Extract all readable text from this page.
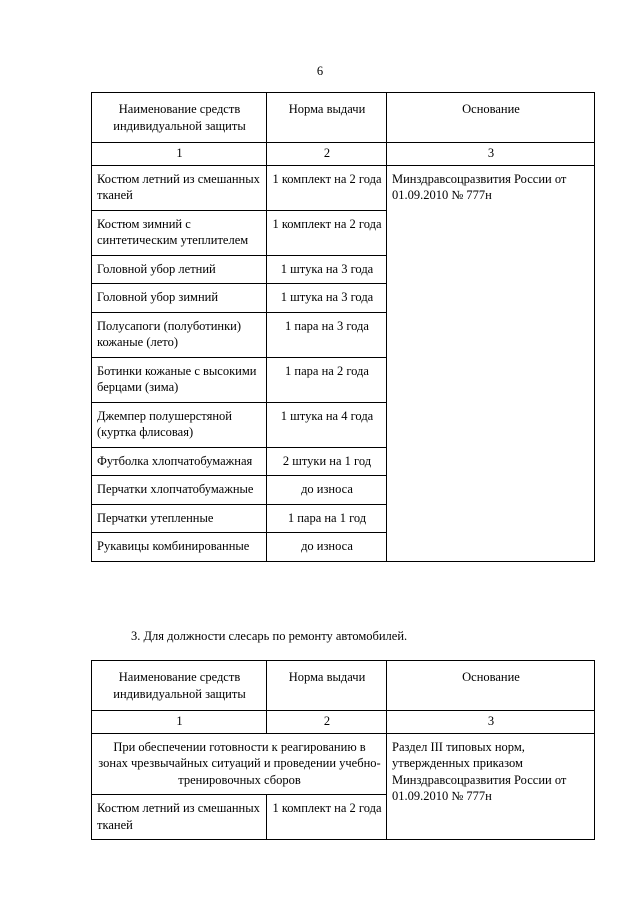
6
Наименование средств индивидуальной защиты	Норма выдачи	Основание
1	2	3
Костюм летний из смешанных тканей	1 комплект на 2 года	Минздравсоцразвития России от 01.09.2010 № 777н
Костюм зимний с синтетическим утеплителем	1 комплект на 2 года	
Головной убор летний	1 штука на 3 года	
Головной убор зимний	1 штука на 3 года	
Полусапоги (полуботинки) кожаные (лето)	1 пара на 3 года	
Ботинки кожаные с высокими берцами (зима)	1 пара на 2 года	
Джемпер полушерстяной (куртка флисовая)	1 штука на 4 года	
Футболка хлопчатобумажная	2 штуки на 1 год	
Перчатки хлопчатобумажные	до износа	
Перчатки утепленные	1 пара на 1 год	
Рукавицы комбинированные	до износа	
3. Для должности слесарь по ремонту автомобилей.
Наименование средств индивидуальной защиты	Норма выдачи	Основание
1	2	3
При обеспечении готовности к реагированию в зонах чрезвычайных ситуаций и проведении учебно-тренировочных сборов		Раздел III типовых норм, утвержденных приказом Минздравсоцразвития России от 01.09.2010 № 777н
Костюм летний из смешанных тканей	1 комплект на 2 года	
